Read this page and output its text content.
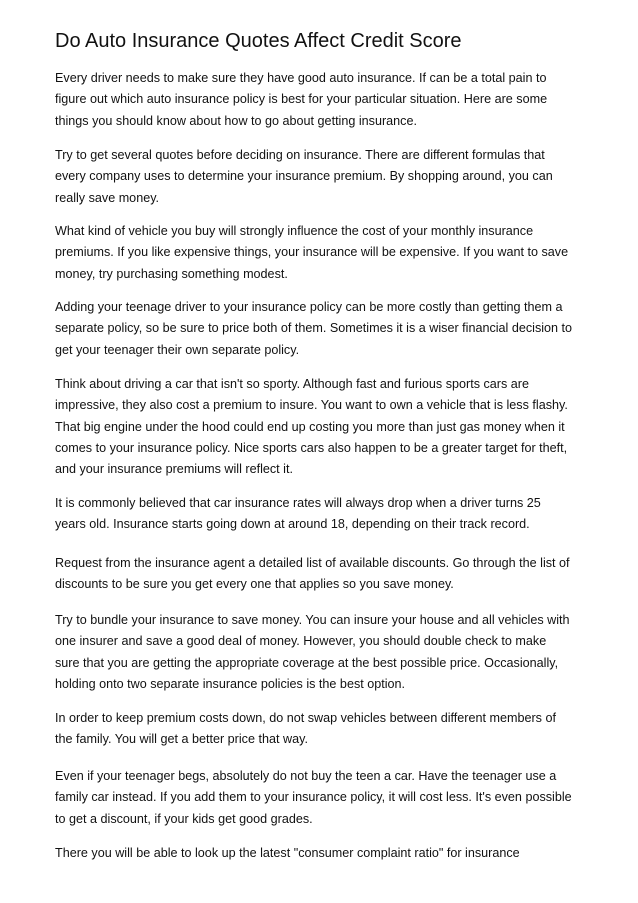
Do Auto Insurance Quotes Affect Credit Score

Every driver needs to make sure they have good auto insurance. If can be a total pain to
figure out which auto insurance policy is best for your particular situation. Here are some
things you should know about how to go about getting insurance.

Try to get several quotes before deciding on insurance. There are different formulas that
every company uses to determine your insurance premium. By shopping around, you can
really save money.

What kind of vehicle you buy will strongly influence the cost of your monthly insurance
premiums. If you like expensive things, your insurance will be expensive. If you want to save
money, try purchasing something modest.

Adding your teenage driver to your insurance policy can be more costly than getting them a
separate policy, so be sure to price both of them. Sometimes it is a wiser financial decision to
get your teenager their own separate policy.

Think about driving a car that isn't so sporty. Although fast and furious sports cars are
impressive, they also cost a premium to insure. You want to own a vehicle that is less flashy.
That big engine under the hood could end up costing you more than just gas money when it
comes to your insurance policy. Nice sports cars also happen to be a greater target for theft,
and your insurance premiums will reflect it.

It is commonly believed that car insurance rates will always drop when a driver turns 25
years old. Insurance starts going down at around 18, depending on their track record.

Request from the insurance agent a detailed list of available discounts. Go through the list of
discounts to be sure you get every one that applies so you save money.

Try to bundle your insurance to save money. You can insure your house and all vehicles with
one insurer and save a good deal of money. However, you should double check to make
sure that you are getting the appropriate coverage at the best possible price. Occasionally,
holding onto two separate insurance policies is the best option.

In order to keep premium costs down, do not swap vehicles between different members of
the family. You will get a better price that way.

Even if your teenager begs, absolutely do not buy the teen a car. Have the teenager use a
family car instead. If you add them to your insurance policy, it will cost less. It's even possible
to get a discount, if your kids get good grades.

There you will be able to look up the latest "consumer complaint ratio" for insurance
